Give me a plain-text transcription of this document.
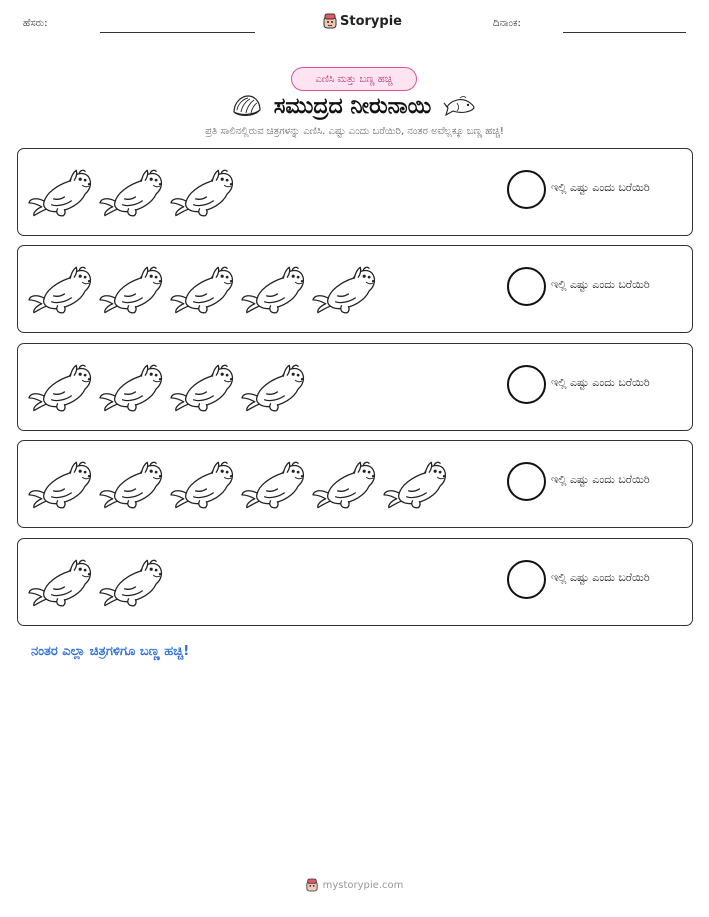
ಹೆಸರು:	Storypie	ದಿನಾಂಕ:
ಎಣಿಸಿ ಮತ್ತು ಬಣ್ಣ ಹಚ್ಚಿ
ಸಮುದ್ರದ ನೀರುನಾಯಿ
ಪ್ರತಿ ಸಾಲಿನಲ್ಲಿರುವ ಚಿತ್ರಗಳನ್ನು ಎಣಿಸಿ. ಎಷ್ಟು ಎಂದು ಬರೆಯಿರಿ, ನಂತರ ಅವೆಲ್ಲಕ್ಕೂ ಬಣ್ಣ ಹಚ್ಚಿ!
ಇಲ್ಲಿ ಎಷ್ಟು ಎಂದು ಬರೆಯಿರಿ
ಇಲ್ಲಿ ಎಷ್ಟು ಎಂದು ಬರೆಯಿರಿ
ಇಲ್ಲಿ ಎಷ್ಟು ಎಂದು ಬರೆಯಿರಿ
ಇಲ್ಲಿ ಎಷ್ಟು ಎಂದು ಬರೆಯಿರಿ
ಇಲ್ಲಿ ಎಷ್ಟು ಎಂದು ಬರೆಯಿರಿ
ನಂತರ ಎಲ್ಲಾ ಚಿತ್ರಗಳಿಗೂ ಬಣ್ಣ ಹಚ್ಚಿ!
mystorypie.com
